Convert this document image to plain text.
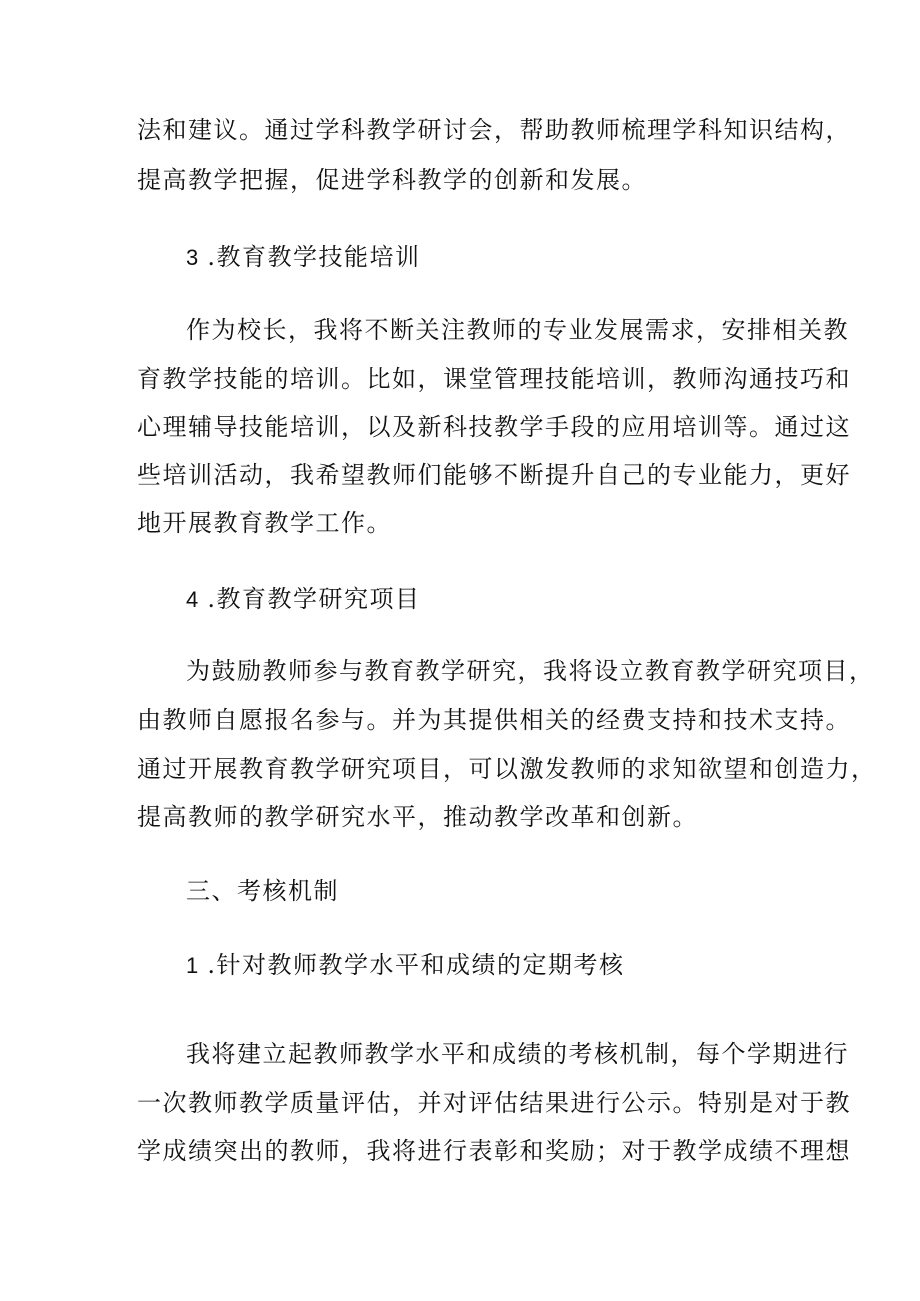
法和建议。通过学科教学研讨会，帮助教师梳理学科知识结构，

提高教学把握，促进学科教学的创新和发展。

3 .教育教学技能培训

作为校长，我将不断关注教师的专业发展需求，安排相关教

育教学技能的培训。比如，课堂管理技能培训，教师沟通技巧和

心理辅导技能培训，以及新科技教学手段的应用培训等。通过这

些培训活动，我希望教师们能够不断提升自己的专业能力，更好

地开展教育教学工作。

4 .教育教学研究项目

为鼓励教师参与教育教学研究，我将设立教育教学研究项目，

由教师自愿报名参与。并为其提供相关的经费支持和技术支持。

通过开展教育教学研究项目，可以激发教师的求知欲望和创造力，

提高教师的教学研究水平，推动教学改革和创新。

三、考核机制

1 .针对教师教学水平和成绩的定期考核

我将建立起教师教学水平和成绩的考核机制，每个学期进行

一次教师教学质量评估，并对评估结果进行公示。特别是对于教

学成绩突出的教师，我将进行表彰和奖励；对于教学成绩不理想
